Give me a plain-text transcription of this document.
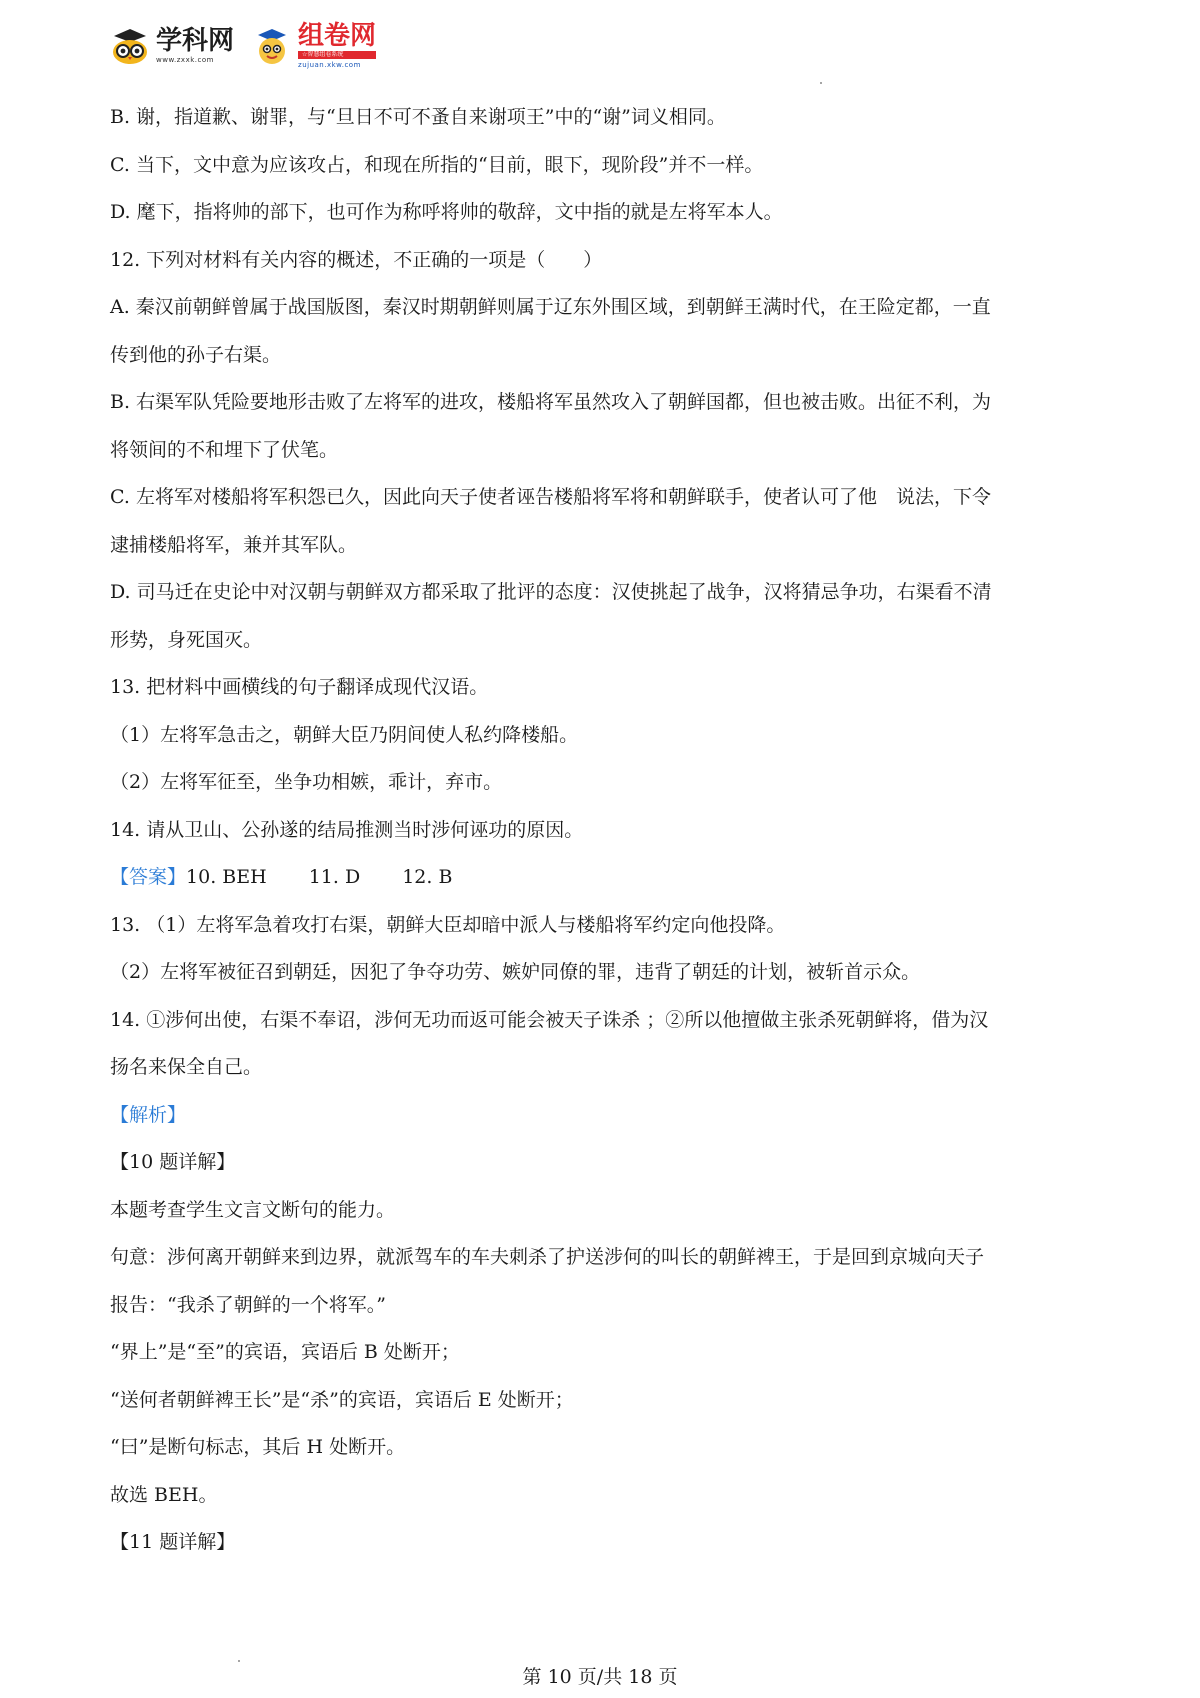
学科网
www.zxxk.com
组卷网
☆智慧组卷系统
zujuan.xkw.com
B. 谢，指道歉、谢罪，与“旦日不可不蚤自来谢项王”中的“谢”词义相同。
C. 当下，文中意为应该攻占，和现在所指的“目前，眼下，现阶段”并不一样。
D. 麾下，指将帅的部下，也可作为称呼将帅的敬辞，文中指的就是左将军本人。
12. 下列对材料有关内容的概述，不正确的一项是（　　）
A. 秦汉前朝鲜曾属于战国版图，秦汉时期朝鲜则属于辽东外围区域，到朝鲜王满时代，在王险定都，一直
传到他的孙子右渠。
B. 右渠军队凭险要地形击败了左将军的进攻，楼船将军虽然攻入了朝鲜国都，但也被击败。出征不利，为
将领间的不和埋下了伏笔。
C. 左将军对楼船将军积怨已久，因此向天子使者诬告楼船将军将和朝鲜联手，使者认可了他　说法，下令
逮捕楼船将军，兼并其军队。
D. 司马迁在史论中对汉朝与朝鲜双方都采取了批评的态度：汉使挑起了战争，汉将猜忌争功，右渠看不清
形势，身死国灭。
13. 把材料中画横线的句子翻译成现代汉语。
（1）左将军急击之，朝鲜大臣乃阴间使人私约降楼船。
（2）左将军征至，坐争功相嫉，乖计，弃市。
14. 请从卫山、公孙遂的结局推测当时涉何诬功的原因。
【答案】10. BEH 11. D 12. B
13. （1）左将军急着攻打右渠，朝鲜大臣却暗中派人与楼船将军约定向他投降。
（2）左将军被征召到朝廷，因犯了争夺功劳、嫉妒同僚的罪，违背了朝廷的计划，被斩首示众。
14. ①涉何出使，右渠不奉诏，涉何无功而返可能会被天子诛杀 ；②所以他擅做主张杀死朝鲜将，借为汉
扬名来保全自己。
【解析】
【10 题详解】
本题考查学生文言文断句的能力。
句意：涉何离开朝鲜来到边界，就派驾车的车夫刺杀了护送涉何的叫长的朝鲜裨王，于是回到京城向天子
报告：“我杀了朝鲜的一个将军。”
“界上”是“至”的宾语，宾语后 B 处断开；
“送何者朝鲜裨王长”是“杀”的宾语，宾语后 E 处断开；
“曰”是断句标志，其后 H 处断开。
故选 BEH。
【11 题详解】
第 10 页/共 18 页
